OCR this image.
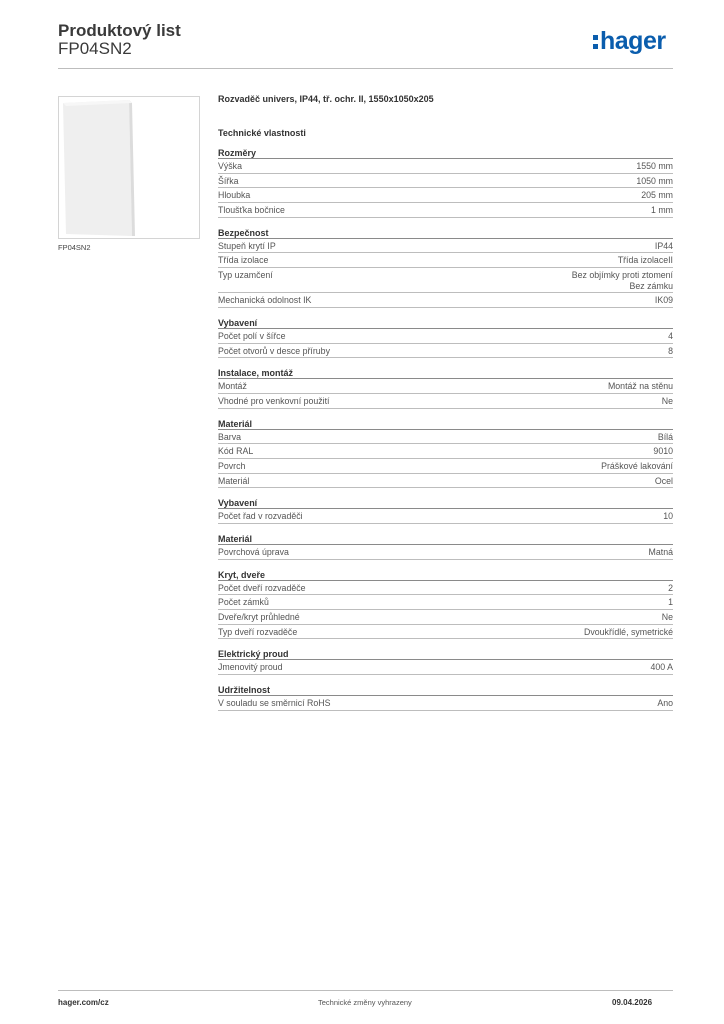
Produktový list
FP04SN2	hager
FP04SN2
Rozvaděč univers, IP44, tř. ochr. II, 1550x1050x205
Technické vlastnosti
Rozměry
Výška	1550 mm
Šířka	1050 mm
Hloubka	205 mm
Tloušťka bočnice	1 mm
Bezpečnost
Stupeň krytí IP	IP44
Třída izolace	Třída izolaceII
Typ uzamčení	Bez objímky proti ztomení
Bez zámku
Mechanická odolnost IK	IK09
Vybavení
Počet polí v šířce	4
Počet otvorů v desce příruby	8
Instalace, montáž
Montáž	Montáž na stěnu
Vhodné pro venkovní použití	Ne
Materiál
Barva	Bílá
Kód RAL	9010
Povrch	Práškové lakování
Materiál	Ocel
Vybavení
Počet řad v rozvaděči	10
Materiál
Povrchová úprava	Matná
Kryt, dveře
Počet dveří rozvaděče	2
Počet zámků	1
Dveře/kryt průhledné	Ne
Typ dveří rozvaděče	Dvoukřídlé, symetrické
Elektrický proud
Jmenovitý proud	400 A
Udržitelnost
V souladu se směrnicí RoHS	Ano
hager.com/cz	Technické změny vyhrazeny	09.04.2026
